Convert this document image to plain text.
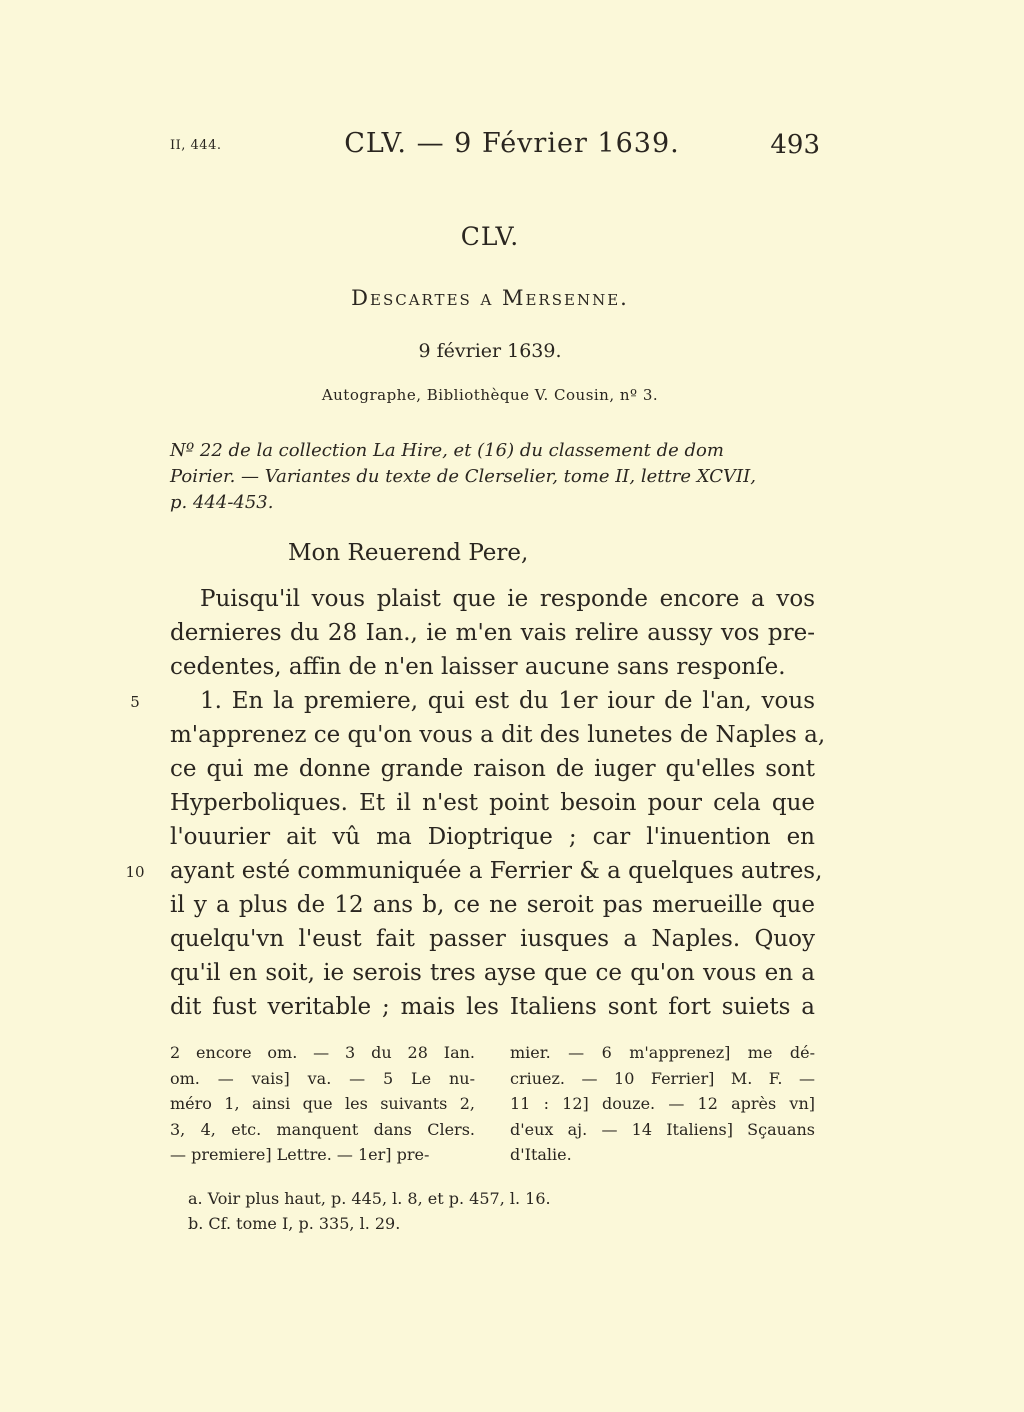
II, 444.	CLV. — 9 Février 1639.	493
CLV.
Descartes a Mersenne.
9 février 1639.
Autographe, Bibliothèque V. Cousin, nº 3.
Nº 22 de la collection La Hire, et (16) du classement de dom
Poirier. — Variantes du texte de Clerselier, tome II, lettre XCVII,
p. 444-453.
Mon Reuerend Pere,
Puisqu'il vous plaist que ie responde encore a vos
dernieres du 28 Ian., ie m'en vais relire aussy vos pre-
cedentes, affin de n'en laisser aucune sans responſe.
1. En la premiere, qui est du 1er iour de l'an, vous
m'apprenez ce qu'on vous a dit des lunetes de Naples a,
ce qui me donne grande raison de iuger qu'elles sont
Hyperboliques. Et il n'est point besoin pour cela que
l'ouurier ait vû ma Dioptrique ; car l'inuention en
ayant esté communiquée a Ferrier & a quelques autres,
il y a plus de 12 ans b, ce ne seroit pas merueille que
quelqu'vn l'eust fait passer iusques a Naples. Quoy
qu'il en soit, ie serois tres ayse que ce qu'on vous en a
dit fust veritable ; mais les Italiens sont fort suiets a
5
10
2 encore om. — 3 du 28 Ian.
om. — vais] va. — 5 Le nu-
méro 1, ainsi que les suivants 2,
3, 4, etc. manquent dans Clers.
— premiere] Lettre. — 1er] pre-
mier. — 6 m'apprenez] me dé-
criuez. — 10 Ferrier] M. F. —
11 : 12] douze. — 12 après vn]
d'eux aj. — 14 Italiens] Sçauans
d'Italie.
a. Voir plus haut, p. 445, l. 8, et p. 457, l. 16.
b. Cf. tome I, p. 335, l. 29.
